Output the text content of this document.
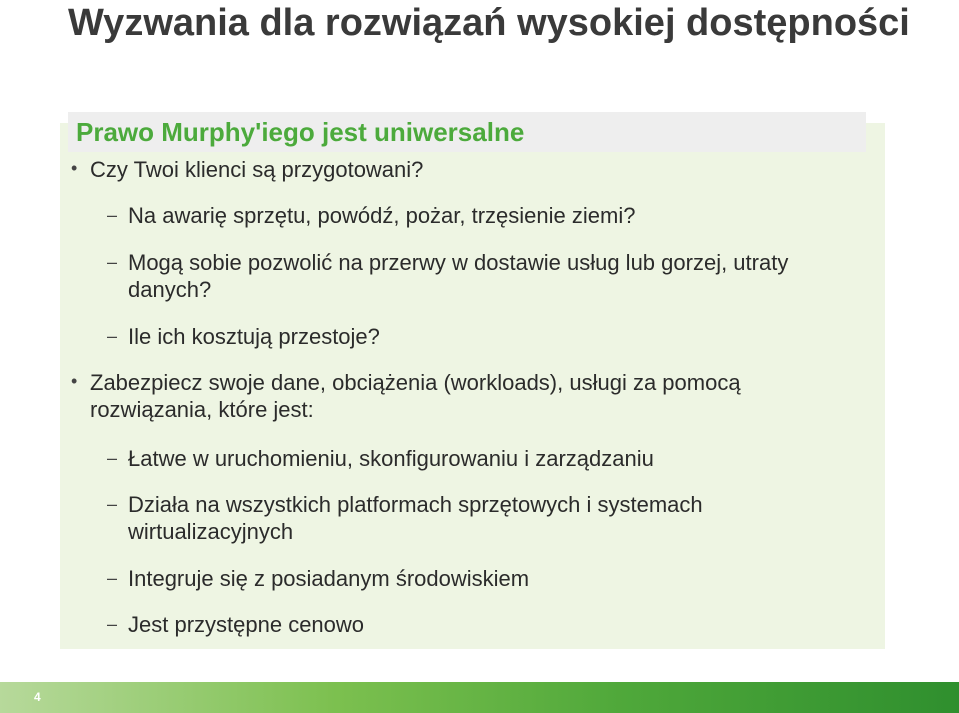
Wyzwania dla rozwiązań wysokiej dostępności
Prawo Murphy'iego jest uniwersalne
• Czy Twoi klienci są przygotowani?
– Na awarię sprzętu, powódź, pożar, trzęsienie ziemi?
– Mogą sobie pozwolić na przerwy w dostawie usług lub gorzej, utraty danych?
– Ile ich kosztują przestoje?
• Zabezpiecz swoje dane, obciążenia (workloads), usługi za pomocą rozwiązania, które jest:
– Łatwe w uruchomieniu, skonfigurowaniu i zarządzaniu
– Działa na wszystkich platformach sprzętowych i systemach wirtualizacyjnych
– Integruje się z posiadanym środowiskiem
– Jest przystępne cenowo
4
